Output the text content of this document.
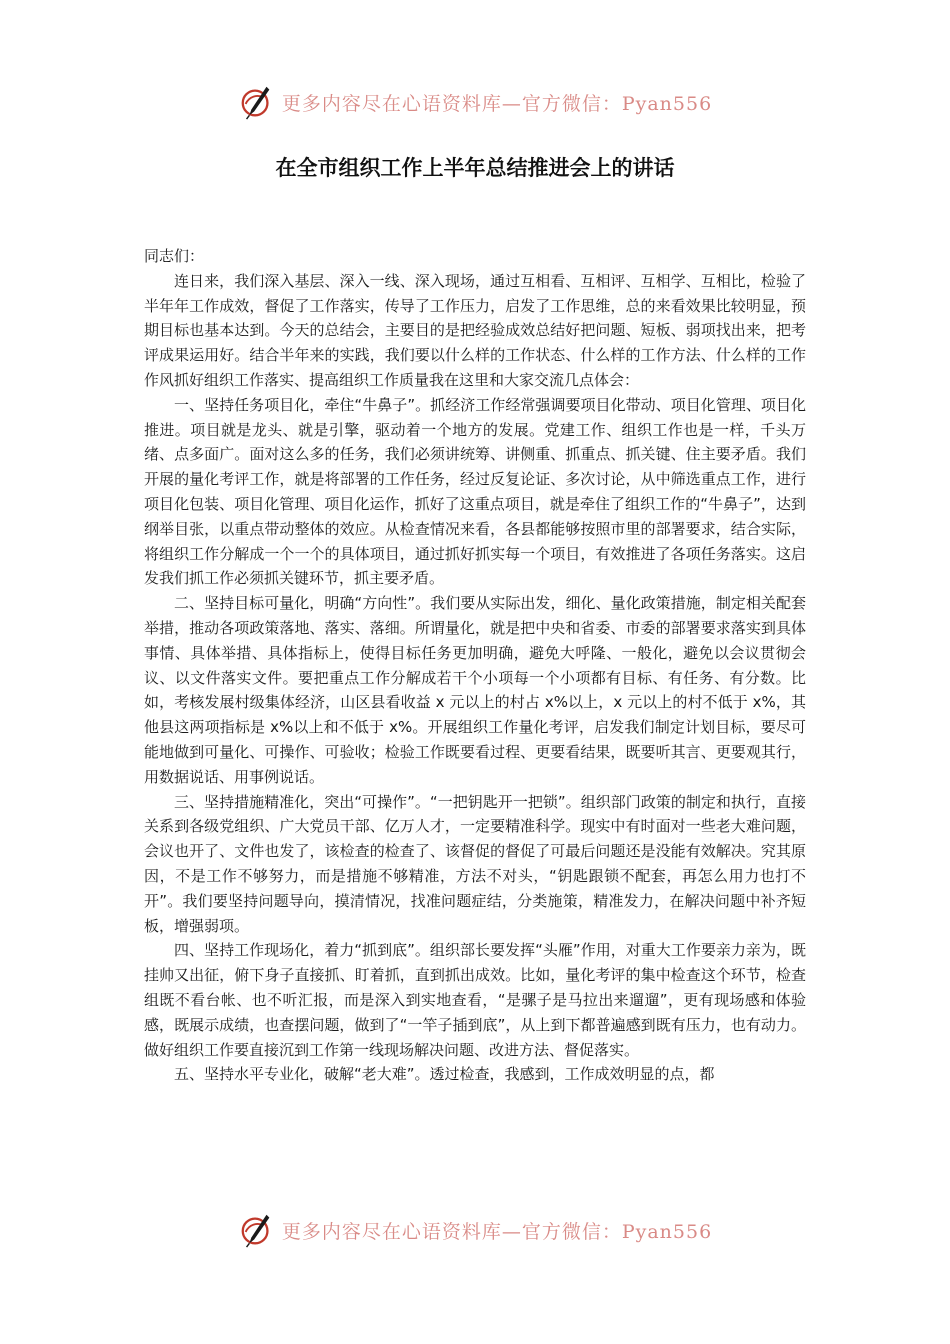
更多内容尽在心语资料库—官方微信：Pyan556
在全市组织工作上半年总结推进会上的讲话

同志们：

连日来，我们深入基层、深入一线、深入现场，通过互相看、互相评、互相学、互相比，检验了半年年工作成效，督促了工作落实，传导了工作压力，启发了工作思维，总的来看效果比较明显，预期目标也基本达到。今天的总结会，主要目的是把经验成效总结好把问题、短板、弱项找出来，把考评成果运用好。结合半年来的实践，我们要以什么样的工作状态、什么样的工作方法、什么样的工作作风抓好组织工作落实、提高组织工作质量我在这里和大家交流几点体会：

一、坚持任务项目化，牵住“牛鼻子”。抓经济工作经常强调要项目化带动、项目化管理、项目化推进。项目就是龙头、就是引擎，驱动着一个地方的发展。党建工作、组织工作也是一样，千头万绪、点多面广。面对这么多的任务，我们必须讲统筹、讲侧重、抓重点、抓关键、住主要矛盾。我们开展的量化考评工作，就是将部署的工作任务，经过反复论证、多次讨论，从中筛选重点工作，进行项目化包装、项目化管理、项目化运作，抓好了这重点项目，就是牵住了组织工作的“牛鼻子”，达到纲举目张，以重点带动整体的效应。从检查情况来看，各县都能够按照市里的部署要求，结合实际，将组织工作分解成一个一个的具体项目，通过抓好抓实每一个项目，有效推进了各项任务落实。这启发我们抓工作必须抓关键环节，抓主要矛盾。

二、坚持目标可量化，明确“方向性”。我们要从实际出发，细化、量化政策措施，制定相关配套举措，推动各项政策落地、落实、落细。所谓量化，就是把中央和省委、市委的部署要求落实到具体事情、具体举措、具体指标上，使得目标任务更加明确，避免大呼隆、一般化，避免以会议贯彻会议、以文件落实文件。要把重点工作分解成若干个小项每一个小项都有目标、有任务、有分数。比如，考核发展村级集体经济，山区县看收益 x 元以上的村占 x%以上，x 元以上的村不低于 x%，其他县这两项指标是 x%以上和不低于 x%。开展组织工作量化考评，启发我们制定计划目标，要尽可能地做到可量化、可操作、可验收；检验工作既要看过程、更要看结果，既要听其言、更要观其行，用数据说话、用事例说话。

三、坚持措施精准化，突出“可操作”。“一把钥匙开一把锁”。组织部门政策的制定和执行，直接关系到各级党组织、广大党员干部、亿万人才，一定要精准科学。现实中有时面对一些老大难问题，会议也开了、文件也发了，该检查的检查了、该督促的督促了可最后问题还是没能有效解决。究其原因，不是工作不够努力，而是措施不够精准，方法不对头，“钥匙跟锁不配套，再怎么用力也打不开”。我们要坚持问题导向，摸清情况，找准问题症结，分类施策，精准发力，在解决问题中补齐短板，增强弱项。

四、坚持工作现场化，着力“抓到底”。组织部长要发挥“头雁”作用，对重大工作要亲力亲为，既挂帅又出征，俯下身子直接抓、盯着抓，直到抓出成效。比如，量化考评的集中检查这个环节，检查组既不看台帐、也不听汇报，而是深入到实地查看，“是骡子是马拉出来遛遛”，更有现场感和体验感，既展示成绩，也查摆问题，做到了“一竿子插到底”，从上到下都普遍感到既有压力，也有动力。做好组织工作要直接沉到工作第一线现场解决问题、改进方法、督促落实。

五、坚持水平专业化，破解“老大难”。透过检查，我感到，工作成效明显的点，都

更多内容尽在心语资料库—官方微信：Pyan556
